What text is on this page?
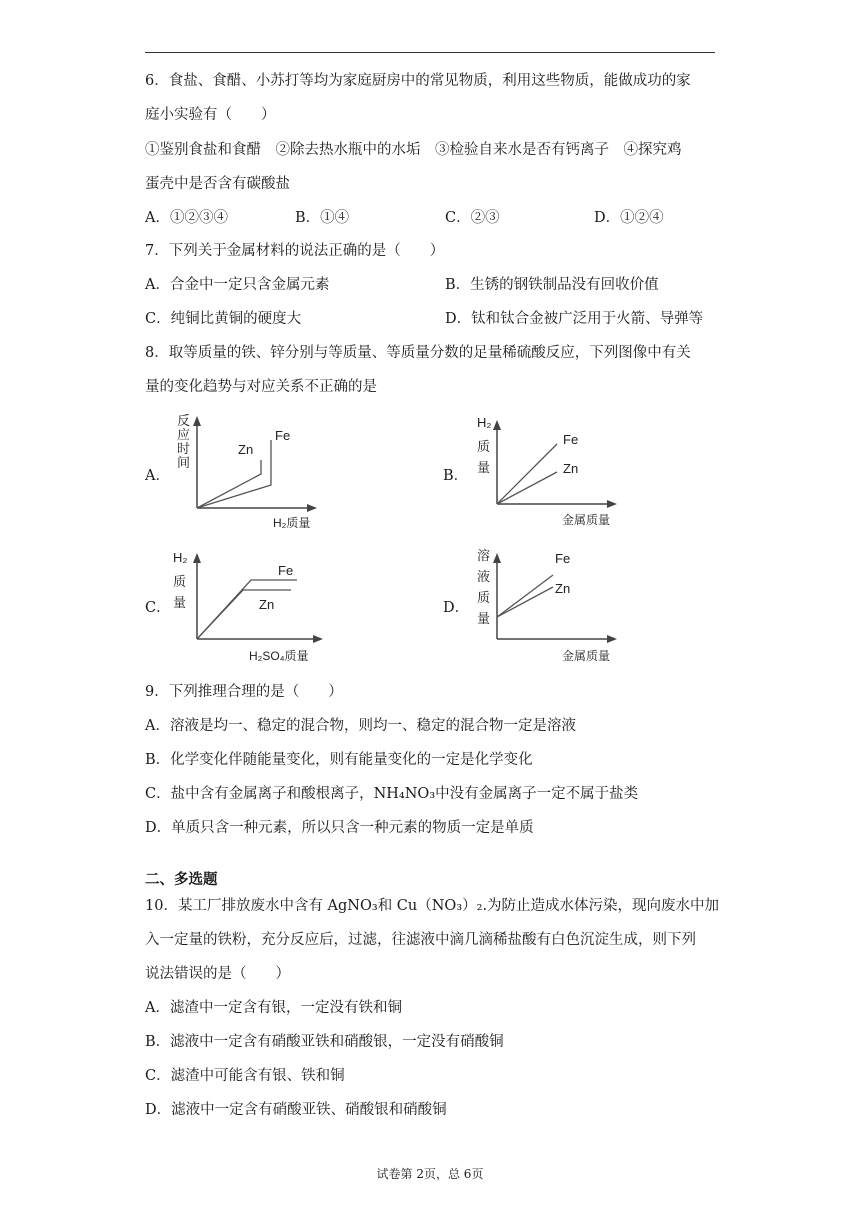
6．食盐、食醋、小苏打等均为家庭厨房中的常见物质，利用这些物质，能做成功的家
庭小实验有（　　）
①鉴别食盐和食醋　②除去热水瓶中的水垢　③检验自来水是否有钙离子　④探究鸡
蛋壳中是否含有碳酸盐
A．①②③④	B．①④	C．②③	D．①②④
7．下列关于金属材料的说法正确的是（　　）
A．合金中一定只含金属元素	B．生锈的钢铁制品没有回收价值
C．纯铜比黄铜的硬度大	D．钛和钛合金被广泛用于火箭、导弹等
8．取等质量的铁、锌分别与等质量、等质量分数的足量稀硫酸反应，下列图像中有关
量的变化趋势与对应关系不正确的是
A．
反
应
时
间
Fe
Zn
H₂质量
B．
H₂
质
量
Fe
Zn
金属质量
C．
H₂
质
量
Fe
Zn
H₂SO₄质量
D．
溶
液
质
量
Fe
Zn
金属质量
9．下列推理合理的是（　　）
A．溶液是均一、稳定的混合物，则均一、稳定的混合物一定是溶液
B．化学变化伴随能量变化，则有能量变化的一定是化学变化
C．盐中含有金属离子和酸根离子，NH₄NO₃中没有金属离子一定不属于盐类
D．单质只含一种元素，所以只含一种元素的物质一定是单质
二、多选题
10．某工厂排放废水中含有 AgNO₃和 Cu（NO₃）₂.为防止造成水体污染，现向废水中加
入一定量的铁粉，充分反应后，过滤，往滤液中滴几滴稀盐酸有白色沉淀生成，则下列
说法错误的是（　　）
A．滤渣中一定含有银，一定没有铁和铜
B．滤液中一定含有硝酸亚铁和硝酸银，一定没有硝酸铜
C．滤渣中可能含有银、铁和铜
D．滤液中一定含有硝酸亚铁、硝酸银和硝酸铜
试卷第 2页，总 6页
